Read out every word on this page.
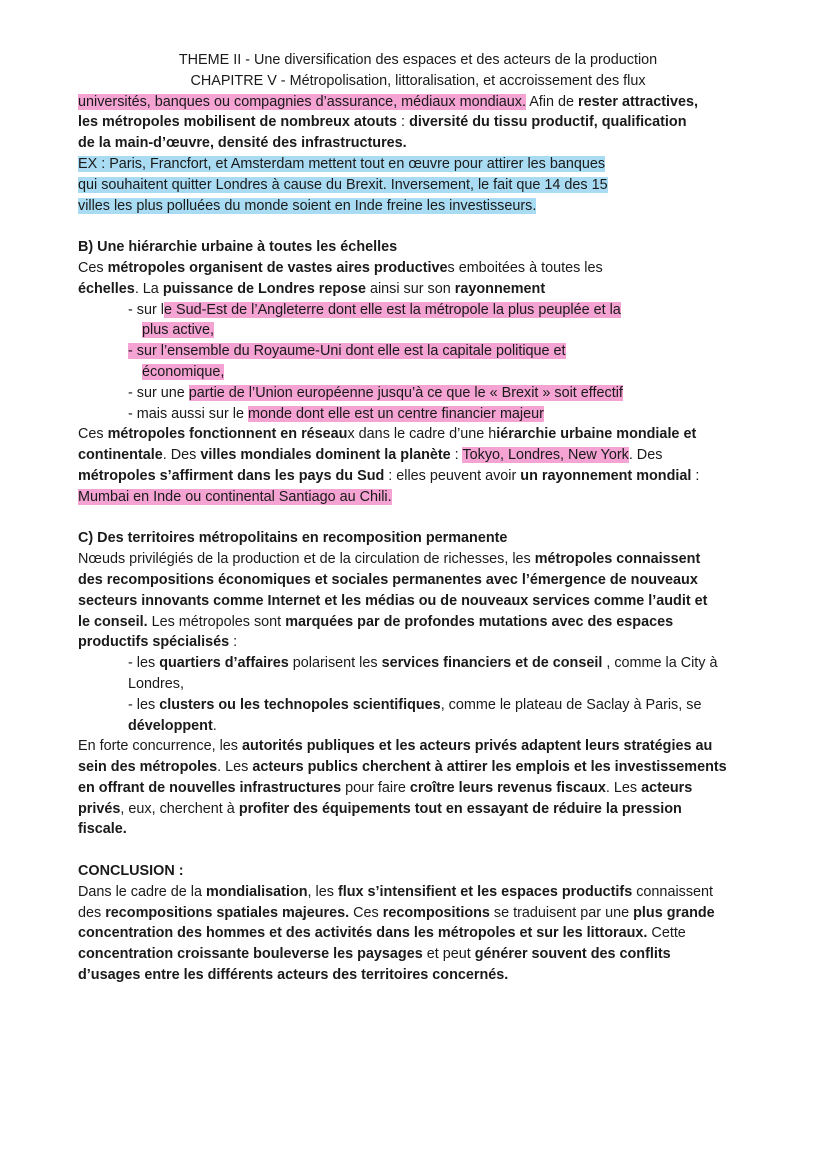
THEME II - Une diversification des espaces et des acteurs de la production
CHAPITRE V - Métropolisation, littoralisation, et accroissement des flux
universités, banques ou compagnies d’assurance, médiaux mondiaux. Afin de rester attractives,
les métropoles mobilisent de nombreux atouts : diversité du tissu productif, qualification
de la main-d’œuvre, densité des infrastructures.
EX : Paris, Francfort, et Amsterdam mettent tout en œuvre pour attirer les banques
qui souhaitent quitter Londres à cause du Brexit. Inversement, le fait que 14 des 15
villes les plus polluées du monde soient en Inde freine les investisseurs.
B) Une hiérarchie urbaine à toutes les échelles
Ces métropoles organisent de vastes aires productives emboitées à toutes les
échelles. La puissance de Londres repose ainsi sur son rayonnement
- sur le Sud-Est de l’Angleterre dont elle est la métropole la plus peuplée et la
plus active,
- sur l’ensemble du Royaume-Uni dont elle est la capitale politique et
économique,
- sur une partie de l’Union européenne jusqu’à ce que le « Brexit » soit effectif
- mais aussi sur le monde dont elle est un centre financier majeur
Ces métropoles fonctionnent en réseaux dans le cadre d’une hiérarchie urbaine mondiale et
continentale. Des villes mondiales dominent la planète : Tokyo, Londres, New York. Des
métropoles s’affirment dans les pays du Sud : elles peuvent avoir un rayonnement mondial :
Mumbai en Inde ou continental Santiago au Chili.
C) Des territoires métropolitains en recomposition permanente
Nœuds privilégiés de la production et de la circulation de richesses, les métropoles connaissent
des recompositions économiques et sociales permanentes avec l’émergence de nouveaux
secteurs innovants comme Internet et les médias ou de nouveaux services comme l’audit et
le conseil. Les métropoles sont marquées par de profondes mutations avec des espaces
productifs spécialisés :
- les quartiers d’affaires polarisent les services financiers et de conseil , comme la City à
Londres,
- les clusters ou les technopoles scientifiques, comme le plateau de Saclay à Paris, se
développent.
En forte concurrence, les autorités publiques et les acteurs privés adaptent leurs stratégies au
sein des métropoles. Les acteurs publics cherchent à attirer les emplois et les investissements
en offrant de nouvelles infrastructures pour faire croître leurs revenus fiscaux. Les acteurs
privés, eux, cherchent à profiter des équipements tout en essayant de réduire la pression
fiscale.
CONCLUSION :
Dans le cadre de la mondialisation, les flux s’intensifient et les espaces productifs connaissent
des recompositions spatiales majeures. Ces recompositions se traduisent par une plus grande
concentration des hommes et des activités dans les métropoles et sur les littoraux. Cette
concentration croissante bouleverse les paysages et peut générer souvent des conflits
d’usages entre les différents acteurs des territoires concernés.
